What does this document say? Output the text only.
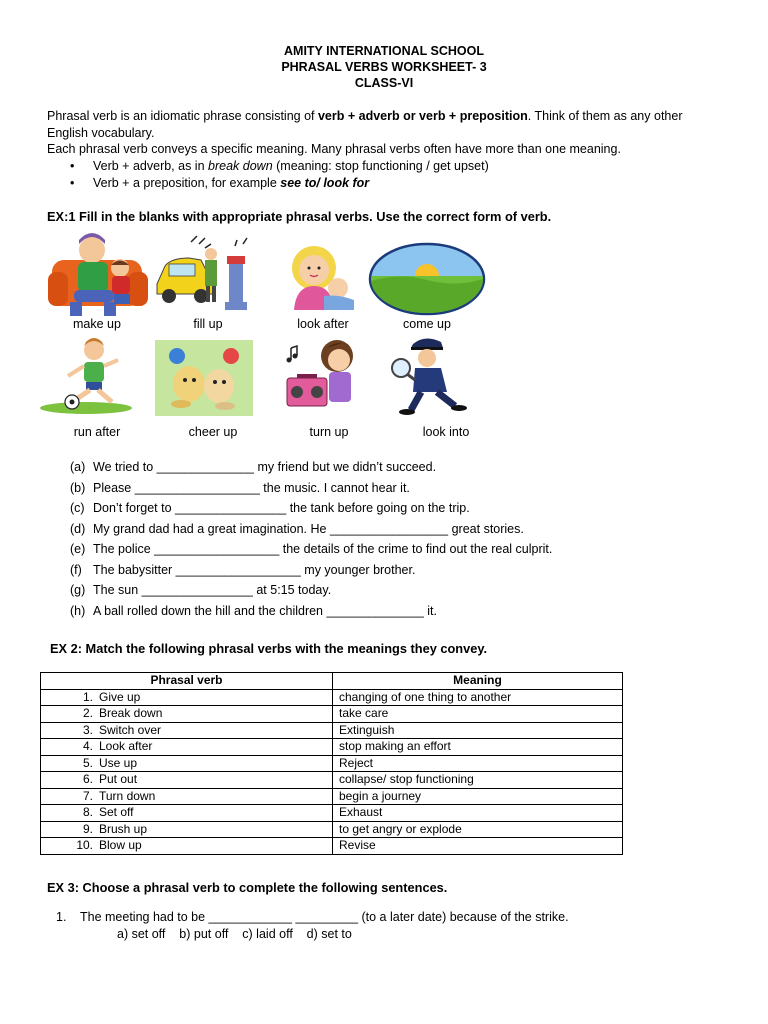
AMITY INTERNATIONAL SCHOOL
PHRASAL VERBS WORKSHEET- 3
CLASS-VI
Phrasal verb is an idiomatic phrase consisting of verb + adverb or verb + preposition. Think of them as any other
English vocabulary.
Each phrasal verb conveys a specific meaning. Many phrasal verbs often have more than one meaning.
• Verb + adverb, as in break down (meaning: stop functioning / get upset)
• Verb + a preposition, for example see to/ look for
EX:1 Fill in the blanks with appropriate phrasal verbs. Use the correct form of verb.
make up	fill up	look after	come up
run after	cheer up	turn up	look into
(a) We tried to ______________ my friend but we didn’t succeed.
(b) Please __________________ the music. I cannot hear it.
(c) Don’t forget to ________________ the tank before going on the trip.
(d) My grand dad had a great imagination. He _________________ great stories.
(e) The police __________________ the details of the crime to find out the real culprit.
(f) The babysitter __________________ my younger brother.
(g) The sun ________________ at 5:15 today.
(h) A ball rolled down the hill and the children ______________ it.
EX 2: Match the following phrasal verbs with the meanings they convey.
Phrasal verb	Meaning
1. Give up	changing of one thing to another
2. Break down	take care
3. Switch over	Extinguish
4. Look after	stop making an effort
5. Use up	Reject
6. Put out	collapse/ stop functioning
7. Turn down	begin a journey
8. Set off	Exhaust
9. Brush up	to get angry or explode
10. Blow up	Revise
EX 3: Choose a phrasal verb to complete the following sentences.
1. The meeting had to be ____________ _________ (to a later date) because of the strike.
a) set off    b) put off    c) laid off    d) set to
